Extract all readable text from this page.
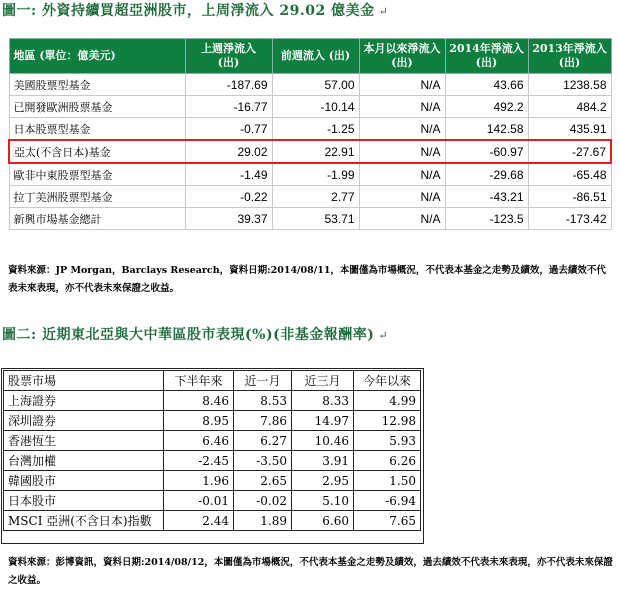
圖一: 外資持續買超亞洲股市，上周淨流入 29.02 億美金 ↵
地區 (單位：億美元)	上週淨流入 (出)	前週流入 (出)	本月以來淨流入(出)	2014年淨流入(出)	2013年淨流入(出)
美國股票型基金	-187.69	57.00	N/A	43.66	1238.58
已開發歐洲股票基金	-16.77	-10.14	N/A	492.2	484.2
日本股票型基金	-0.77	-1.25	N/A	142.58	435.91
亞太(不含日本)基金	29.02	22.91	N/A	-60.97	-27.67
歐非中東股票型基金	-1.49	-1.99	N/A	-29.68	-65.48
拉丁美洲股票型基金	-0.22	2.77	N/A	-43.21	-86.51
新興市場基金總計	39.37	53.71	N/A	-123.5	-173.42
資料來源：JP Morgan，Barclays Research，資料日期:2014/08/11，本圖僅為市場概況，不代表本基金之走勢及績效，過去績效不代表未來表現，亦不代表未來保證之收益。
圖二: 近期東北亞與大中華區股市表現(%)(非基金報酬率) ↵
股票市場	下半年來	近一月	近三月	今年以來
上海證券	8.46	8.53	8.33	4.99
深圳證券	8.95	7.86	14.97	12.98
香港恆生	6.46	6.27	10.46	5.93
台灣加權	-2.45	-3.50	3.91	6.26
韓國股市	1.96	2.65	2.95	1.50
日本股市	-0.01	-0.02	5.10	-6.94
MSCI 亞洲(不含日本)指數	2.44	1.89	6.60	7.65
資料來源：彭博資訊，資料日期:2014/08/12，本圖僅為市場概況，不代表本基金之走勢及績效，過去績效不代表未來表現，亦不代表未來保證之收益。
